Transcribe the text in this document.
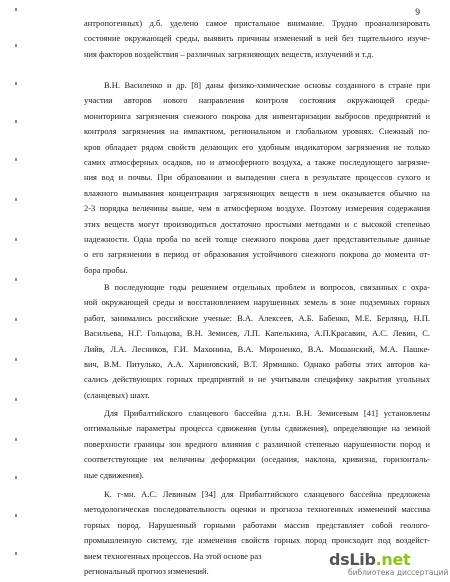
9
антропогенных) д.б. уделено самое пристальное внимание. Трудно проанализировать
состояние окружающей среды, выявить причины изменений в ней без тщательного изуче-
ния факторов воздействия – различных загрязняющих веществ, излучений и т.д.
В.Н. Василенко и др. [8] даны физико-химические основы созданного в стране при
участии авторов нового направления контроля состояния окружающей среды-
мониторинга загрязнения снежного покрова для инвентаризации выбросов предприятий и
контроля загрязнения на импактном, региональном и глобальном уровнях. Снежный по-
кров обладает рядом свойств делающих его удобным индикатором загрязнения не только
самих атмосферных осадков, но и атмосферного воздуха, а также последующего загрязне-
ния вод и почвы. При образовании и выпадении снега в результате процессов сухого и
влажного вымывания концентрация загрязняющих веществ в нем оказывается обычно на
2-3 порядка величины выше, чем в атмосферном воздухе. Поэтому измерения содержания
этих веществ могут производиться достаточно простыми методами и с высокой степенью
надежности. Одна проба по всей толще снежного покрова дает представительные данные
о его загрязнении в период от образования устойчивого снежного покрова до момента от-
бора пробы.
В последующие годы решением отдельных проблем и вопросов, связанных с охра-
ной окружающей среды и восстановлением нарушенных земель в зоне подземных горных
работ, занимались российские ученые: В.А. Алексеев, А.Б. Бабенко, М.Е. Берлянд, Н.П.
Васильева, Н.Г. Гольцова, В.Н. Земисев, Л.П. Капелькина, А.П.Красавин, А.С. Левин, С.
Лийв, Л.А. Лесников, Г.И. Махонина, В.А. Мироненко, В.А. Мошанский, М.А. Пашке-
вич, В.М. Питулько, А.А. Хариновский, В.Т. Ярмишко. Однако работы этих авторов ка-
сались действующих горных предприятий и не учитывали специфику закрытия угольных
(сланцевых) шахт.
Для Прибалтийского сланцевого бассейна д.т.н. В.Н. Земисевым [41] установлены
оптимальные параметры процесса сдвижения (углы сдвижения), определяющие на земной
поверхности границы зон вредного влияния с различной степенью нарушенности пород и
соответствующие им величины деформации (оседания, наклона, кривизна, горизонталь-
ные сдвижения).
К. г-мн. А.С. Левиным [34] для Прибалтийского сланцевого бассейна предложена
методологическая последовательность оценки и прогноза техногенных изменений массива
горных пород. Нарушенный горными работами массив представляет собой геолого-
промышленную систему, где изменения свойств горных пород происходит под воздейст-
вием техногенных процессов. На этой основе раз
региональный прогноз изменений.
dsLib.net
библиотека диссертаций
